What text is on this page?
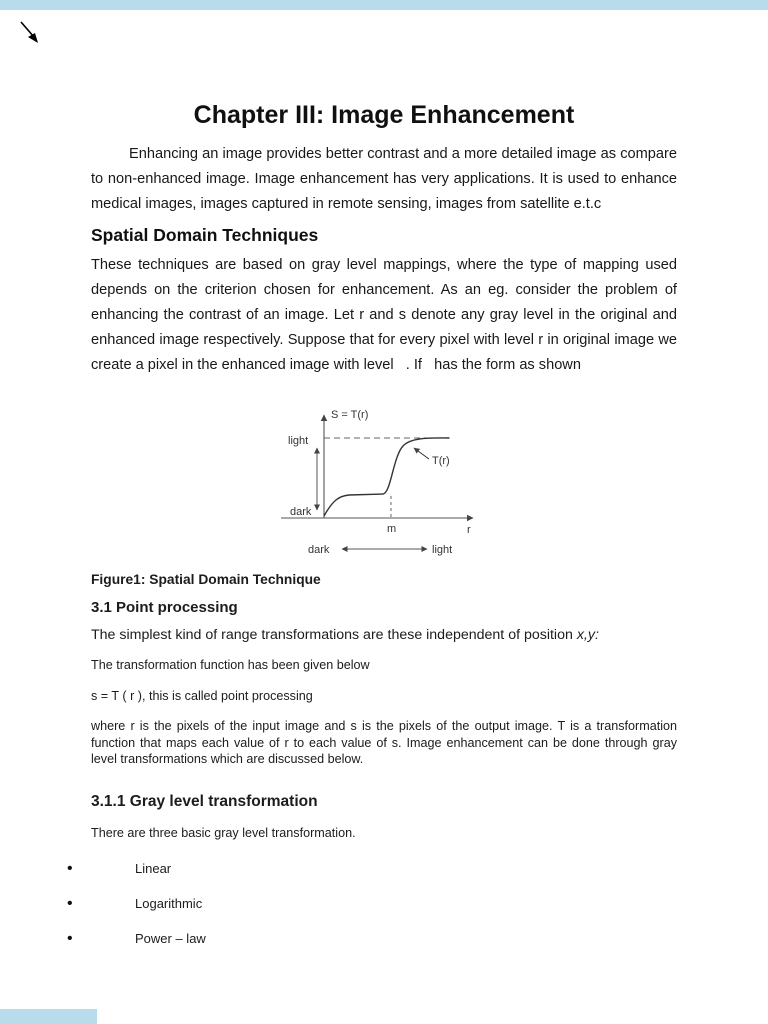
Chapter III: Image Enhancement

Enhancing an image provides better contrast and a more detailed image as compare to non-enhanced image. Image enhancement has very applications. It is used to enhance medical images, images captured in remote sensing, images from satellite e.t.c

Spatial Domain Techniques

These techniques are based on gray level mappings, where the type of mapping used depends on the criterion chosen for enhancement. As an eg. consider the problem of enhancing the contrast of an image. Let r and s denote any gray level in the original and enhanced image respectively. Suppose that for every pixel with level r in original image we create a pixel in the enhanced image with level   . If   has the form as shown

S = T(r)
T(r)
light
dark
m	r
dark	light

Figure1: Spatial Domain Technique

3.1 Point processing

The simplest kind of range transformations are these independent of position x,y:

The transformation function has been given below

s = T ( r ), this is called point processing

where r is the pixels of the input image and s is the pixels of the output image. T is a transformation function that maps each value of r to each value of s. Image enhancement can be done through gray level transformations which are discussed below.

3.1.1 Gray level transformation

There are three basic gray level transformation.

• Linear
• Logarithmic
• Power – law
